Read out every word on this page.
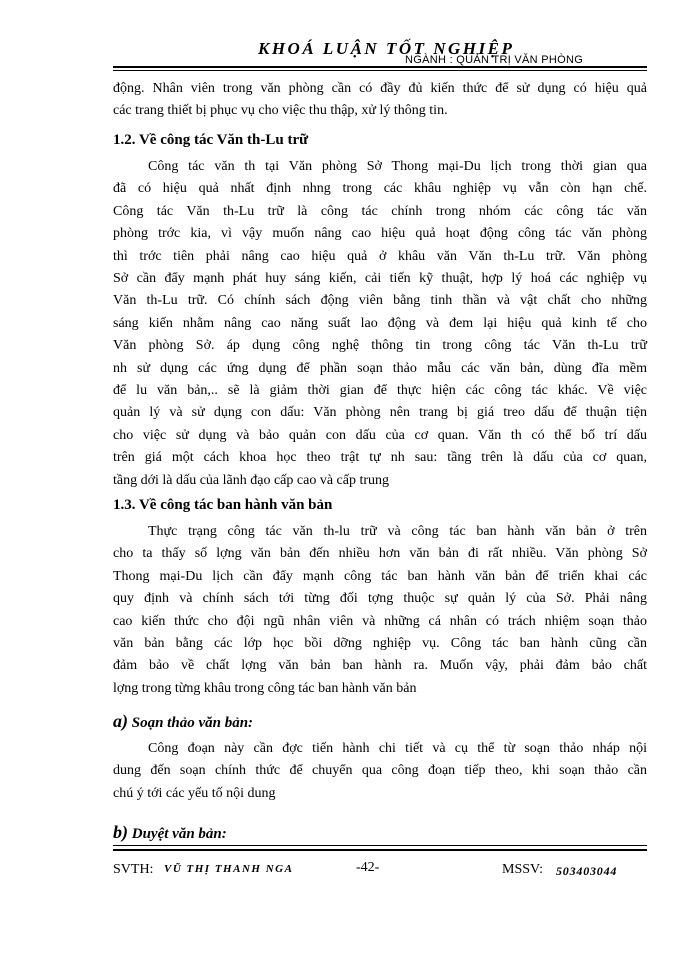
KHOÁ LUẬN TỐT NGHIỆP
NGÀNH : QUẢN TRỊ VĂN PHÒNG
động. Nhân viên trong văn phòng cần có đầy đủ kiến thức để sử dụng có hiệu quả
các trang thiết bị phục vụ cho việc thu thập, xử lý thông tin.
1.2. Về công tác Văn th-Lu trữ
Công tác văn th tại Văn phòng Sở Thong mại-Du lịch trong thời gian qua
đã có hiệu quả nhất định nhng trong các khâu nghiệp vụ vẫn còn hạn chế.
Công tác Văn th-Lu trữ là công tác chính trong nhóm các công tác văn
phòng trớc kia, vì vậy muốn nâng cao hiệu quả hoạt động công tác văn phòng
thì trớc tiên phải nâng cao hiệu quả ở khâu văn Văn th-Lu trữ. Văn phòng
Sở cần đẩy mạnh phát huy sáng kiến, cải tiến kỹ thuật, hợp lý hoá các nghiệp vụ
Văn th-Lu trữ. Có chính sách động viên bằng tinh thần và vật chất cho những
sáng kiến nhằm nâng cao năng suất lao động và đem lại hiệu quả kinh tế cho
Văn phòng Sở. áp dụng công nghệ thông tin trong công tác Văn th-Lu trữ
nh sử dụng các ứng dụng để phần soạn thảo mẫu các văn bản, dùng đĩa mềm
để lu văn bản,.. sẽ là giảm thời gian để thực hiện các công tác khác. Về việc
quản lý và sử dụng con dấu: Văn phòng nên trang bị giá treo dấu để thuận tiện
cho việc sử dụng và bảo quản con dấu của cơ quan. Văn th có thể bố trí dấu
trên giá một cách khoa học theo trật tự nh sau: tầng trên là dấu của cơ quan,
tầng dới là dấu của lãnh đạo cấp cao và cấp trung
1.3. Về công tác ban hành văn bản
Thực trạng công tác văn th-lu trữ và công tác ban hành văn bản ở trên
cho ta thấy số lợng văn bản đến nhiều hơn văn bản đi rất nhiều. Văn phòng Sở
Thong mại-Du lịch cần đẩy mạnh công tác ban hành văn bản để triển khai các
quy định và chính sách tới từng đối tợng thuộc sự quản lý của Sở. Phải nâng
cao kiến thức cho đội ngũ nhân viên và những cá nhân có trách nhiệm soạn thảo
văn bản bằng các lớp học bồi dỡng nghiệp vụ. Công tác ban hành cũng cần
đảm bảo về chất lợng văn bản ban hành ra. Muốn vậy, phải đảm bảo chất
lợng trong từng khâu trong công tác ban hành văn bản
a) Soạn thảo văn bản:
Công đoạn này cần đợc tiến hành chi tiết và cụ thể từ soạn thảo nháp nội
dung đến soạn chính thức để chuyển qua công đoạn tiếp theo, khi soạn thảo cần
chú ý tới các yếu tố nội dung
b) Duyệt văn bản:
SVTH: VŨ THỊ THANH NGA	-42-	MSSV: 503403044
